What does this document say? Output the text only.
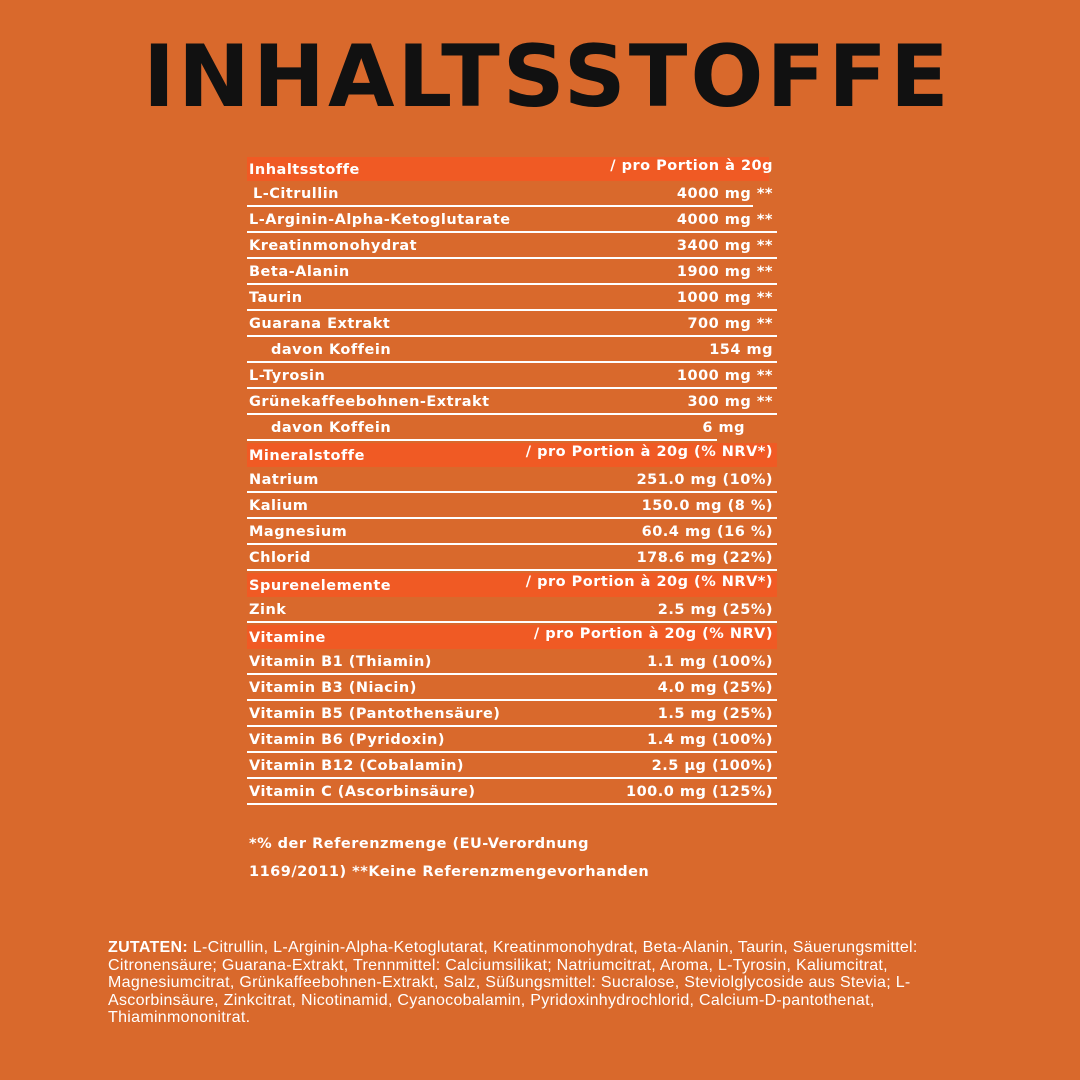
INHALTSSTOFFE
Inhaltsstoffe	/ pro Portion à 20g
L-Citrullin	4000 mg **
L-Arginin-Alpha-Ketoglutarate	4000 mg **
Kreatinmonohydrat	3400 mg **
Beta-Alanin	1900 mg **
Taurin	1000 mg **
Guarana Extrakt	700 mg **
davon Koffein	154 mg
L-Tyrosin	1000 mg **
Grünekaffeebohnen-Extrakt	300 mg **
davon Koffein	6 mg
Mineralstoffe	/ pro Portion à 20g (% NRV*)
Natrium	251.0 mg (10%)
Kalium	150.0 mg (8 %)
Magnesium	60.4 mg (16 %)
Chlorid	178.6 mg (22%)
Spurenelemente	/ pro Portion à 20g (% NRV*)
Zink	2.5 mg (25%)
Vitamine	/ pro Portion à 20g (% NRV)
Vitamin B1 (Thiamin)	1.1 mg (100%)
Vitamin B3 (Niacin)	4.0 mg (25%)
Vitamin B5 (Pantothensäure)	1.5 mg (25%)
Vitamin B6 (Pyridoxin)	1.4 mg (100%)
Vitamin B12 (Cobalamin)	2.5 µg (100%)
Vitamin C (Ascorbinsäure)	100.0 mg (125%)
*% der Referenzmenge (EU-Verordnung
1169/2011) **Keine Referenzmengevorhanden
ZUTATEN: L-Citrullin, L-Arginin-Alpha-Ketoglutarat, Kreatinmonohydrat, Beta-Alanin, Taurin, Säuerungsmittel: Citronensäure; Guarana-Extrakt, Trennmittel: Calciumsilikat; Natriumcitrat, Aroma, L-Tyrosin, Kaliumcitrat, Magnesiumcitrat, Grünkaffeebohnen-Extrakt, Salz, Süßungsmittel: Sucralose, Steviolglycoside aus Stevia; L-Ascorbinsäure, Zinkcitrat, Nicotinamid, Cyanocobalamin, Pyridoxinhydrochlorid, Calcium-D-pantothenat, Thiaminmononitrat.
